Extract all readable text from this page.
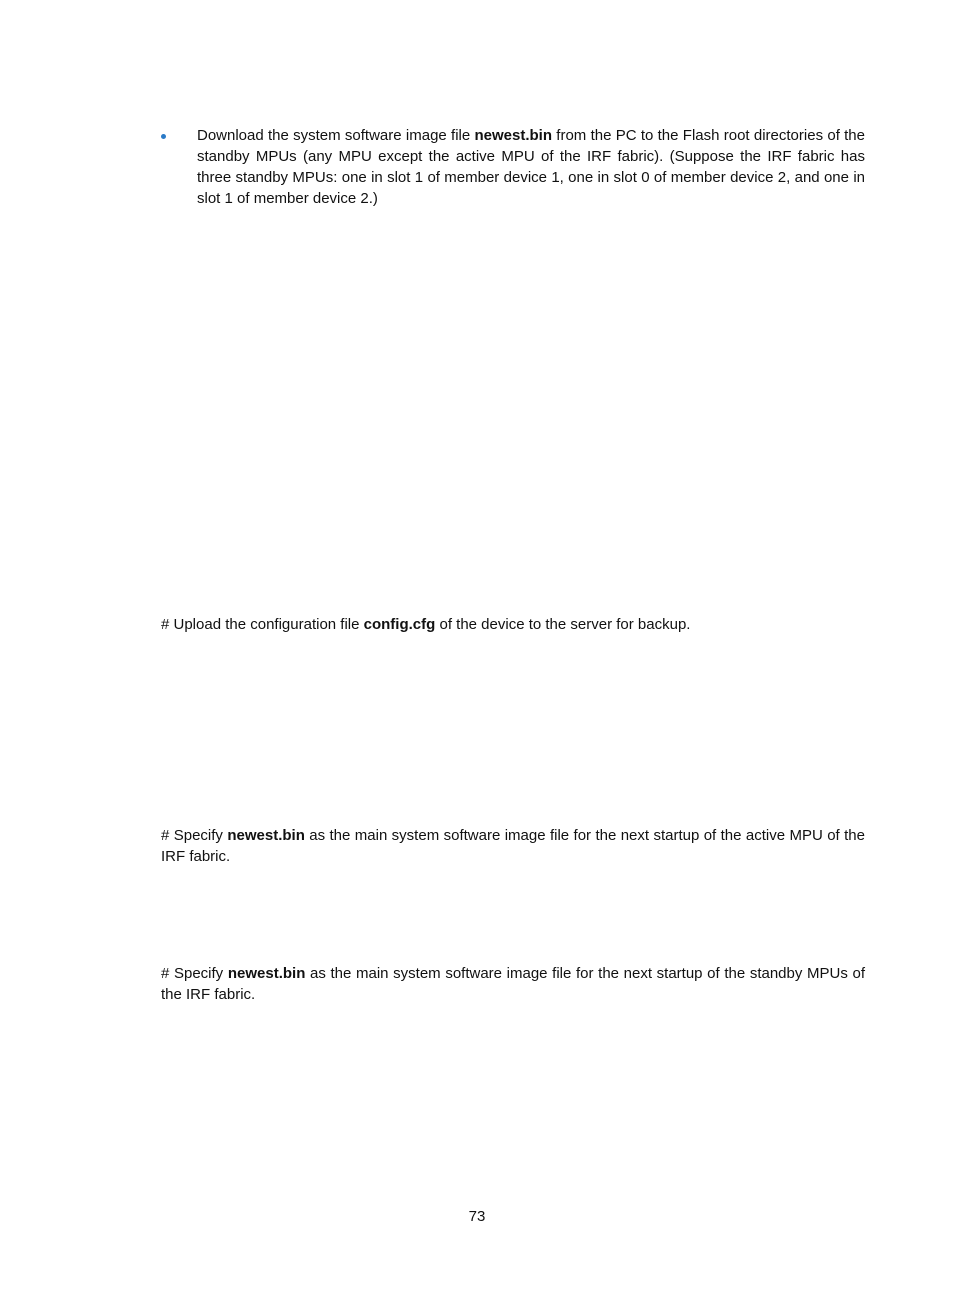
Download the system software image file newest.bin from the PC to the Flash root directories of the standby MPUs (any MPU except the active MPU of the IRF fabric). (Suppose the IRF fabric has three standby MPUs: one in slot 1 of member device 1, one in slot 0 of member device 2, and one in slot 1 of member device 2.)

# Upload the configuration file config.cfg of the device to the server for backup.

# Specify newest.bin as the main system software image file for the next startup of the active MPU of the IRF fabric.

# Specify newest.bin as the main system software image file for the next startup of the standby MPUs of the IRF fabric.

73
